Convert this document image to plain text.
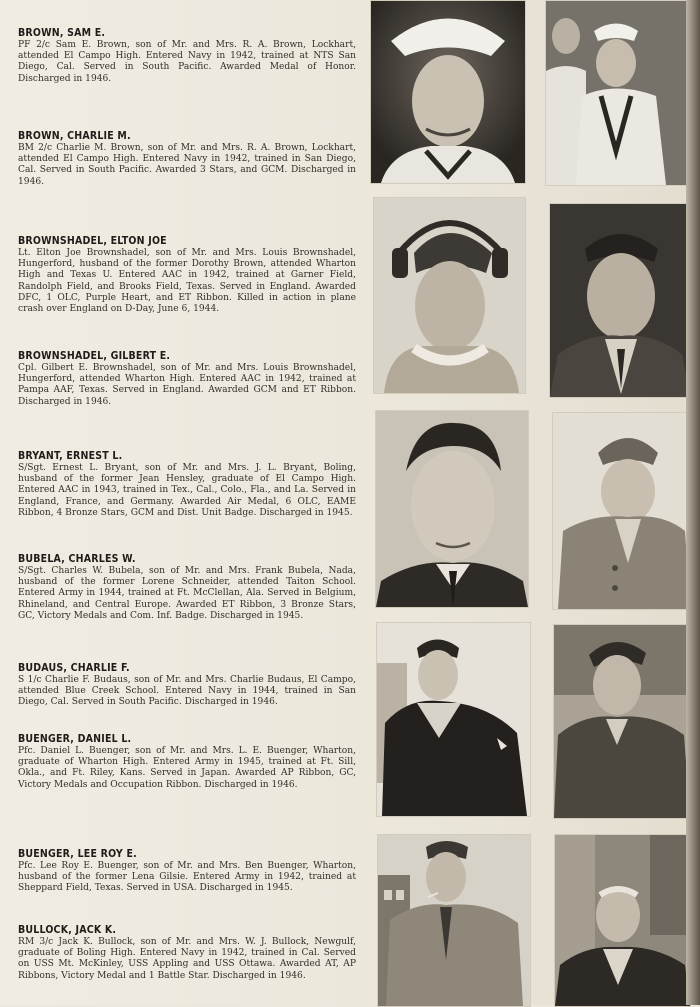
BROWN, SAM E.

PF 2/c Sam E. Brown, son of Mr. and Mrs. R. A. Brown, Lockhart, attended El Campo High. Entered Navy in 1942, trained at NTS San Diego, Cal. Served in South Pacific. Awarded Medal of Honor. Discharged in 1946.

BROWN, CHARLIE M.

BM 2/c Charlie M. Brown, son of Mr. and Mrs. R. A. Brown, Lockhart, attended El Campo High. Entered Navy in 1942, trained in San Diego, Cal. Served in South Pacific. Awarded 3 Stars, and GCM. Discharged in 1946.

BROWNSHADEL, ELTON JOE

Lt. Elton Joe Brownshadel, son of Mr. and Mrs. Louis Brownshadel, Hungerford, husband of the former Dorothy Brown, attended Wharton High and Texas U. Entered AAC in 1942, trained at Garner Field, Randolph Field, and Brooks Field, Texas. Served in England. Awarded DFC, 1 OLC, Purple Heart, and ET Ribbon. Killed in action in plane crash over England on D-Day, June 6, 1944.

BROWNSHADEL, GILBERT E.

Cpl. Gilbert E. Brownshadel, son of Mr. and Mrs. Louis Brownshadel, Hungerford, attended Wharton High. Entered AAC in 1942, trained at Pampa AAF, Texas. Served in England. Awarded GCM and ET Ribbon. Discharged in 1946.

BRYANT, ERNEST L.

S/Sgt. Ernest L. Bryant, son of Mr. and Mrs. J. L. Bryant, Boling, husband of the former Jean Hensley, graduate of El Campo High. Entered AAC in 1943, trained in Tex., Cal., Colo., Fla., and La. Served in England, France, and Germany. Awarded Air Medal, 6 OLC, EAME Ribbon, 4 Bronze Stars, GCM and Dist. Unit Badge. Discharged in 1945.

BUBELA, CHARLES W.

S/Sgt. Charles W. Bubela, son of Mr. and Mrs. Frank Bubela, Nada, husband of the former Lorene Schneider, attended Taiton School. Entered Army in 1944, trained at Ft. McClellan, Ala. Served in Belgium, Rhineland, and Central Europe. Awarded ET Ribbon, 3 Bronze Stars, GC, Victory Medals and Com. Inf. Badge. Discharged in 1945.

BUDAUS, CHARLIE F.

S 1/c Charlie F. Budaus, son of Mr. and Mrs. Charlie Budaus, El Campo, attended Blue Creek School. Entered Navy in 1944, trained in San Diego, Cal. Served in South Pacific. Discharged in 1946.

BUENGER, DANIEL L.

Pfc. Daniel L. Buenger, son of Mr. and Mrs. L. E. Buenger, Wharton, graduate of Wharton High. Entered Army in 1945, trained at Ft. Sill, Okla., and Ft. Riley, Kans. Served in Japan. Awarded AP Ribbon, GC, Victory Medals and Occupation Ribbon. Discharged in 1946.

BUENGER, LEE ROY E.

Pfc. Lee Roy E. Buenger, son of Mr. and Mrs. Ben Buenger, Wharton, husband of the former Lena Gilsie. Entered Army in 1942, trained at Sheppard Field, Texas. Served in USA. Discharged in 1945.

BULLOCK, JACK K.

RM 3/c Jack K. Bullock, son of Mr. and Mrs. W. J. Bullock, Newgulf, graduate of Boling High. Entered Navy in 1942, trained in Cal. Served on USS Mt. McKinley, USS Appling and USS Ottawa. Awarded AT, AP Ribbons, Victory Medal and 1 Battle Star. Discharged in 1946.
